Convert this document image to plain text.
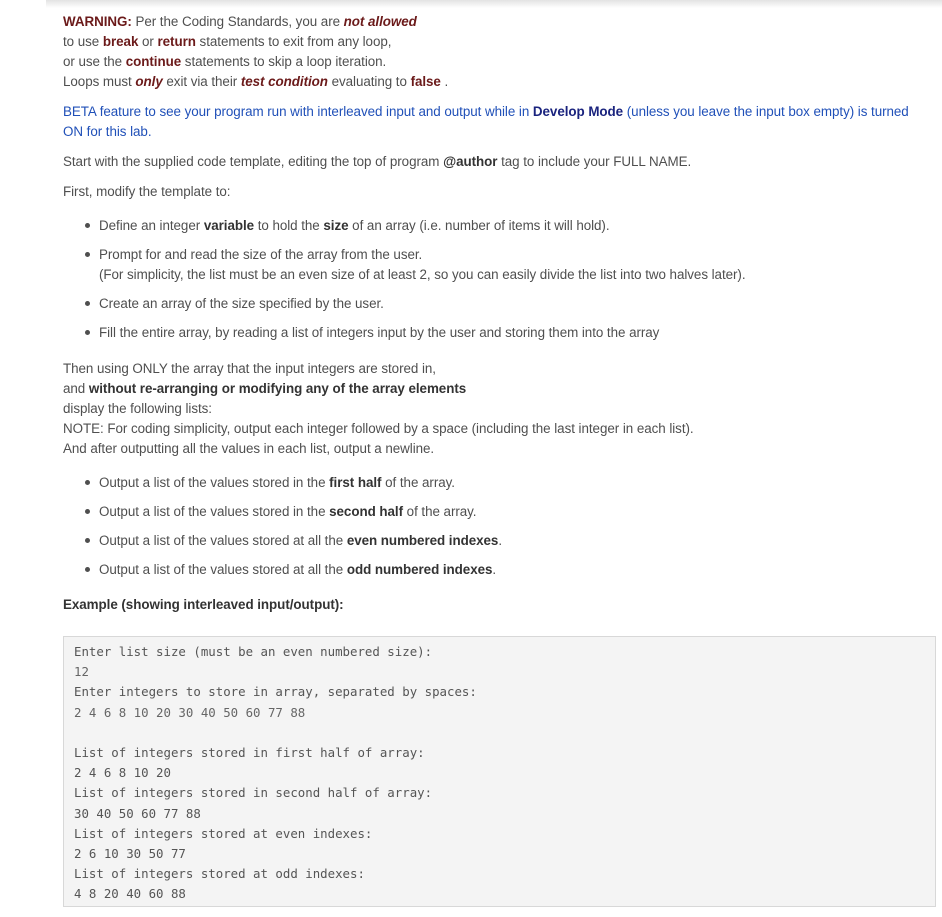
WARNING: Per the Coding Standards, you are not allowed
to use break or return statements to exit from any loop,
or use the continue statements to skip a loop iteration.
Loops must only exit via their test condition evaluating to false .

BETA feature to see your program run with interleaved input and output while in Develop Mode (unless you leave the input box empty) is turned ON for this lab.

Start with the supplied code template, editing the top of program @author tag to include your FULL NAME.

First, modify the template to:

Define an integer variable to hold the size of an array (i.e. number of items it will hold).
Prompt for and read the size of the array from the user.
(For simplicity, the list must be an even size of at least 2, so you can easily divide the list into two halves later).
Create an array of the size specified by the user.
Fill the entire array, by reading a list of integers input by the user and storing them into the array
Then using ONLY the array that the input integers are stored in,
and without re-arranging or modifying any of the array elements
display the following lists:
NOTE: For coding simplicity, output each integer followed by a space (including the last integer in each list).
And after outputting all the values in each list, output a newline.
Output a list of the values stored in the first half of the array.
Output a list of the values stored in the second half of the array.
Output a list of the values stored at all the even numbered indexes.
Output a list of the values stored at all the odd numbered indexes.
Example (showing interleaved input/output):
Enter list size (must be an even numbered size):
12
Enter integers to store in array, separated by spaces:
2 4 6 8 10 20 30 40 50 60 77 88
List of integers stored in first half of array:
2 4 6 8 10 20
List of integers stored in second half of array:
30 40 50 60 77 88
List of integers stored at even indexes:
2 6 10 30 50 77
List of integers stored at odd indexes:
4 8 20 40 60 88
